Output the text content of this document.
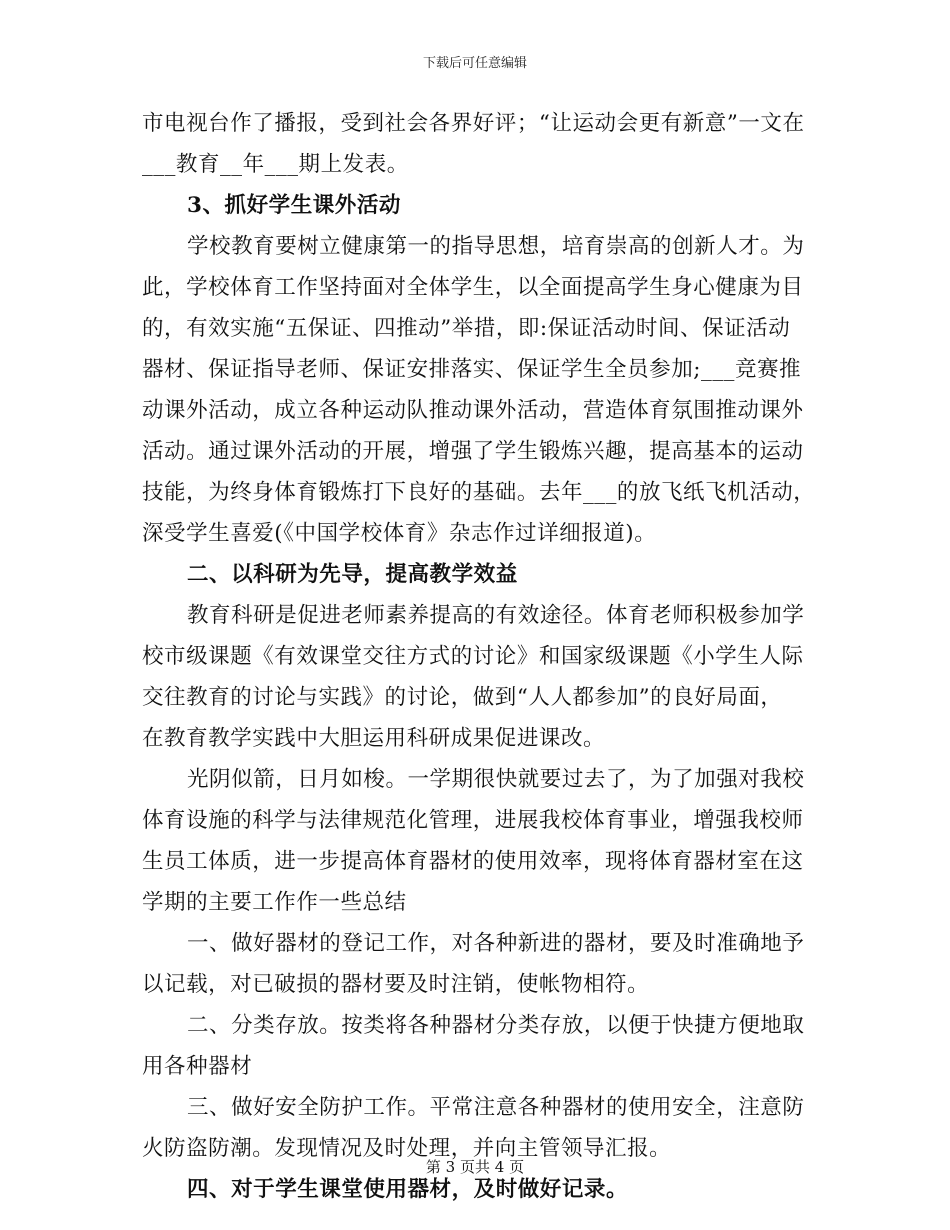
下载后可任意编辑
市电视台作了播报，受到社会各界好评；“让运动会更有新意”一文在
___教育__年___期上发表。
3、抓好学生课外活动
学校教育要树立健康第一的指导思想，培育崇高的创新人才。为
此，学校体育工作坚持面对全体学生，以全面提高学生身心健康为目
的，有效实施“五保证、四推动”举措，即:保证活动时间、保证活动
器材、保证指导老师、保证安排落实、保证学生全员参加;___竞赛推
动课外活动，成立各种运动队推动课外活动，营造体育氛围推动课外
活动。通过课外活动的开展，增强了学生锻炼兴趣，提高基本的运动
技能，为终身体育锻炼打下良好的基础。去年___的放飞纸飞机活动，
深受学生喜爱(《中国学校体育》杂志作过详细报道)。
二、以科研为先导，提高教学效益
教育科研是促进老师素养提高的有效途径。体育老师积极参加学
校市级课题《有效课堂交往方式的讨论》和国家级课题《小学生人际
交往教育的讨论与实践》的讨论，做到“人人都参加”的良好局面，
在教育教学实践中大胆运用科研成果促进课改。
光阴似箭，日月如梭。一学期很快就要过去了，为了加强对我校
体育设施的科学与法律规范化管理，进展我校体育事业，增强我校师
生员工体质，进一步提高体育器材的使用效率，现将体育器材室在这
学期的主要工作作一些总结
一、做好器材的登记工作，对各种新进的器材，要及时准确地予
以记载，对已破损的器材要及时注销，使帐物相符。
二、分类存放。按类将各种器材分类存放，以便于快捷方便地取
用各种器材
三、做好安全防护工作。平常注意各种器材的使用安全，注意防
火防盗防潮。发现情况及时处理，并向主管领导汇报。
四、对于学生课堂使用器材，及时做好记录。
第 3 页共 4 页
